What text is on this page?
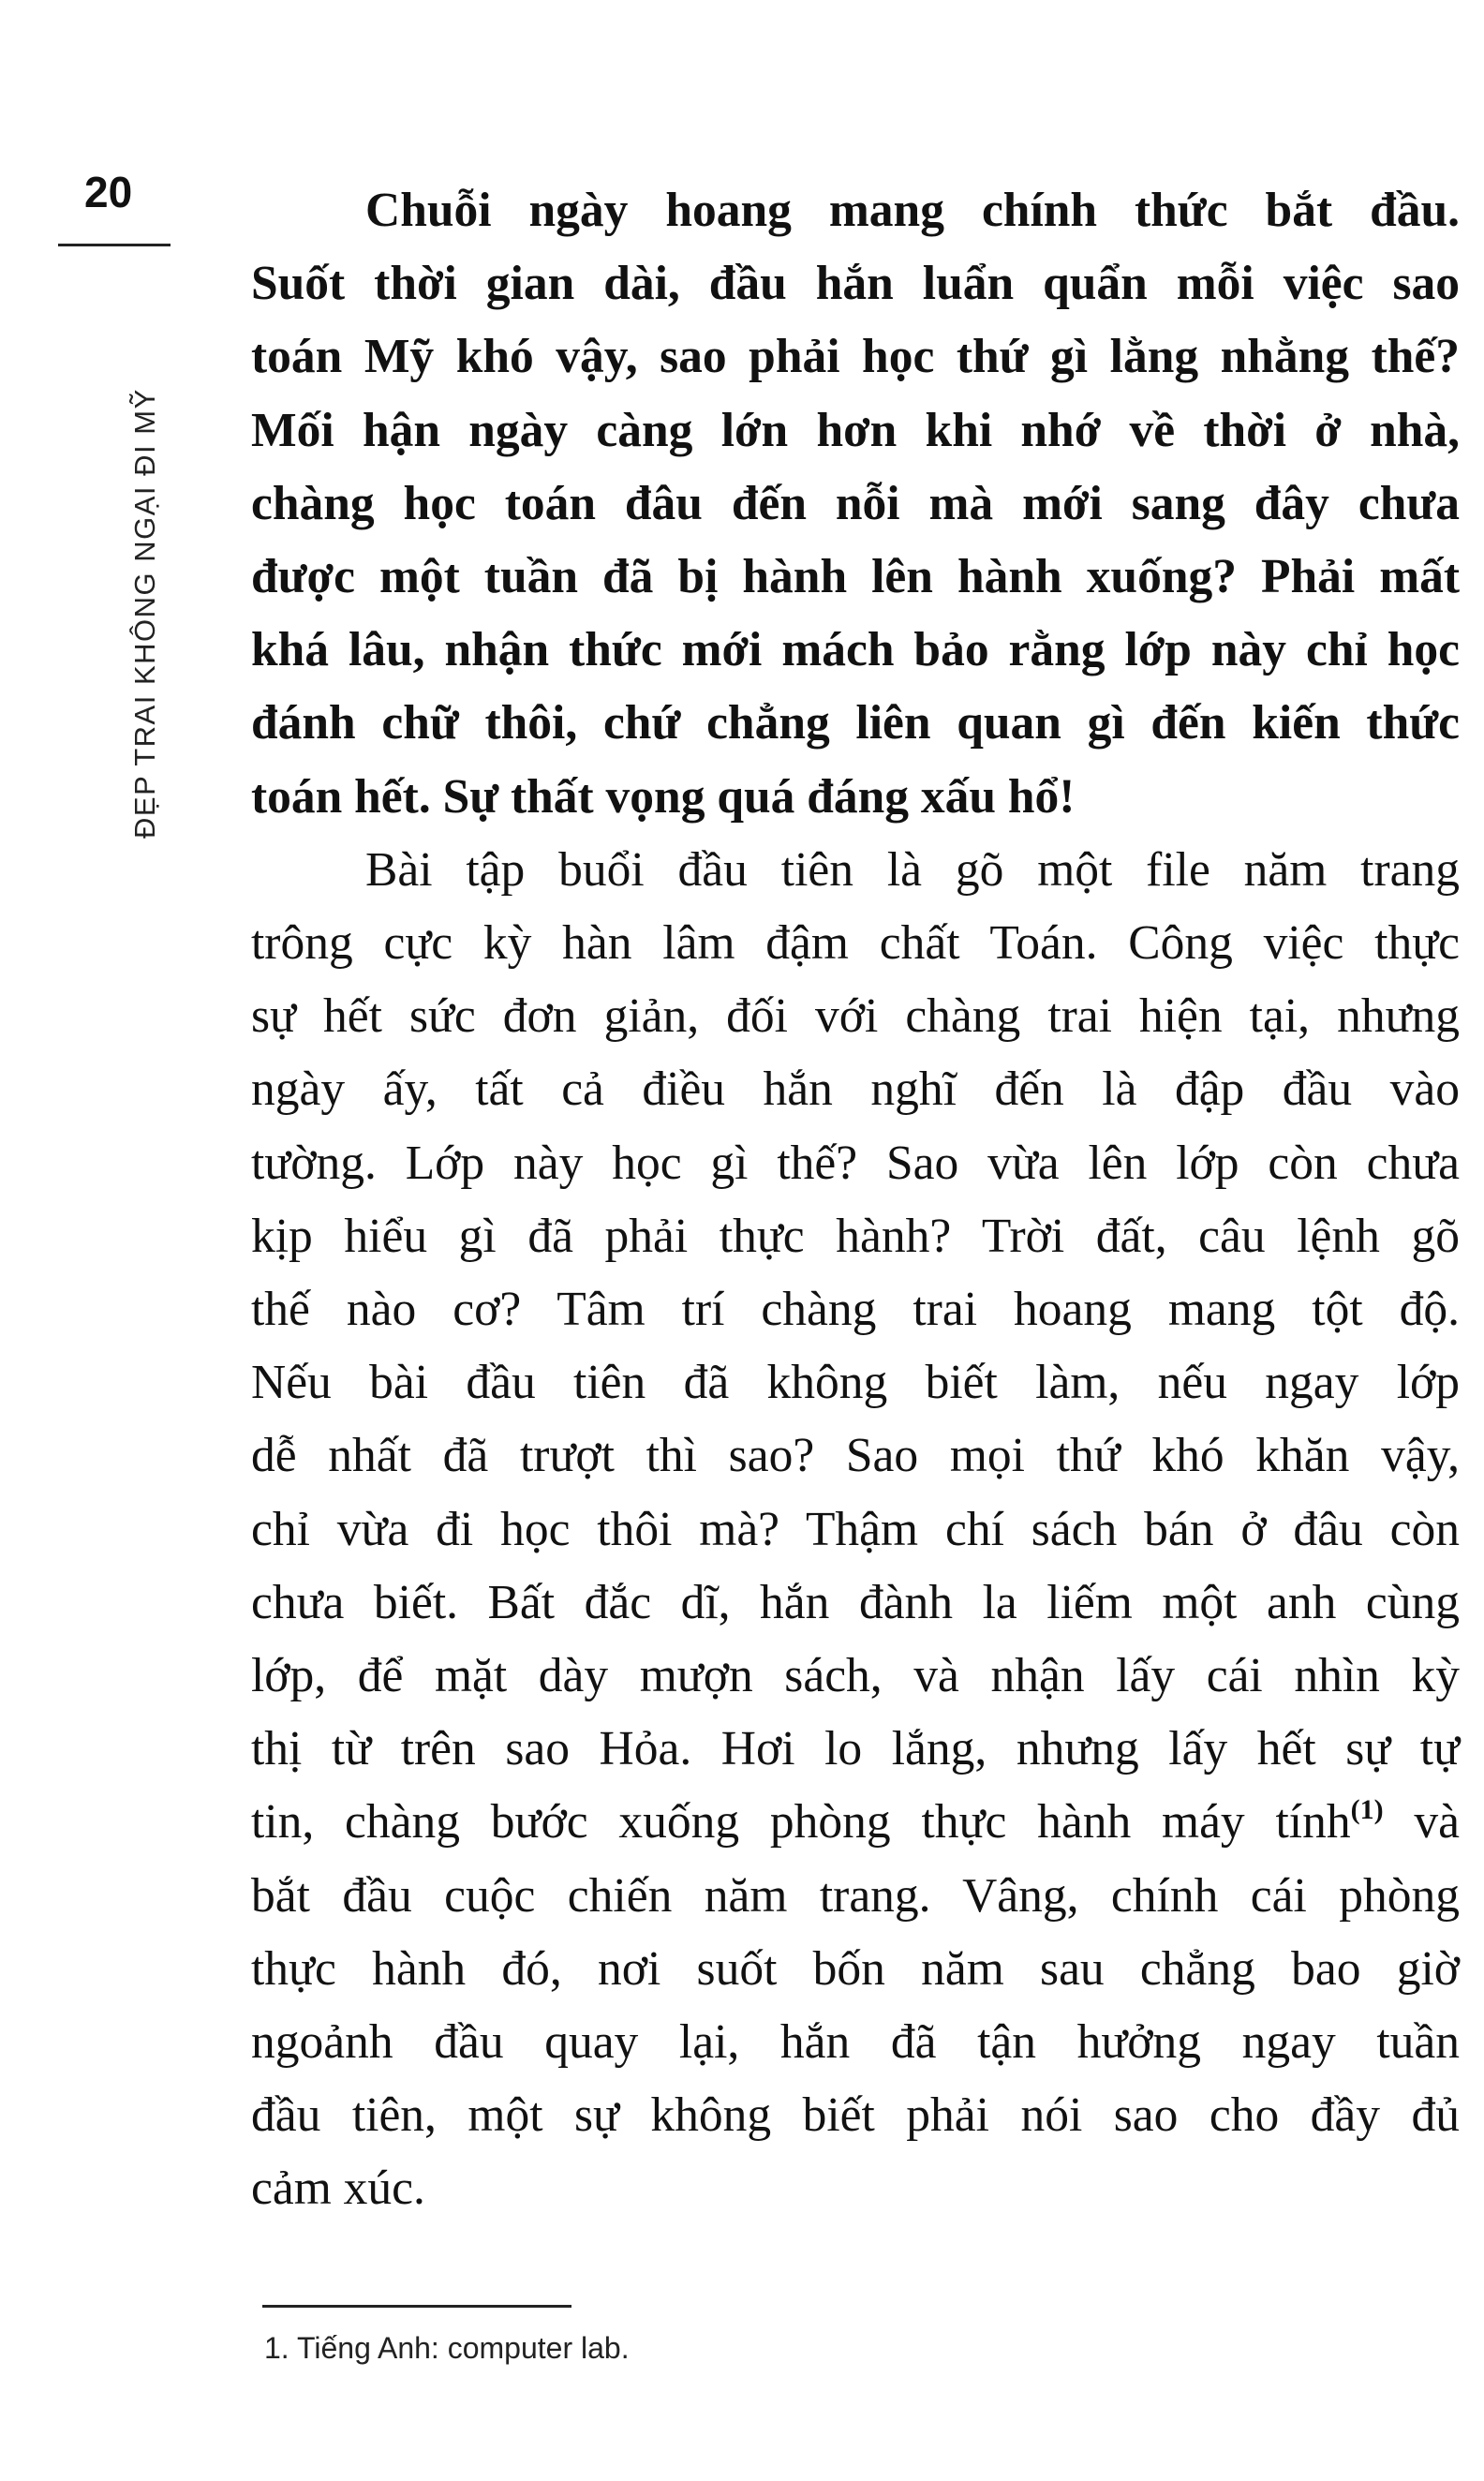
20
ĐẸP TRAI KHÔNG NGẠI ĐI MỸ

Chuỗi ngày hoang mang chính thức bắt đầu.
Suốt thời gian dài, đầu hắn luẩn quẩn mỗi việc sao
toán Mỹ khó vậy, sao phải học thứ gì lằng nhằng thế?
Mối hận ngày càng lớn hơn khi nhớ về thời ở nhà,
chàng học toán đâu đến nỗi mà mới sang đây chưa
được một tuần đã bị hành lên hành xuống? Phải mất
khá lâu, nhận thức mới mách bảo rằng lớp này chỉ học
đánh chữ thôi, chứ chẳng liên quan gì đến kiến thức
toán hết. Sự thất vọng quá đáng xấu hổ!

Bài tập buổi đầu tiên là gõ một file năm trang
trông cực kỳ hàn lâm đậm chất Toán. Công việc thực
sự hết sức đơn giản, đối với chàng trai hiện tại, nhưng
ngày ấy, tất cả điều hắn nghĩ đến là đập đầu vào
tường. Lớp này học gì thế? Sao vừa lên lớp còn chưa
kịp hiểu gì đã phải thực hành? Trời đất, câu lệnh gõ
thế nào cơ? Tâm trí chàng trai hoang mang tột độ.
Nếu bài đầu tiên đã không biết làm, nếu ngay lớp
dễ nhất đã trượt thì sao? Sao mọi thứ khó khăn vậy,
chỉ vừa đi học thôi mà? Thậm chí sách bán ở đâu còn
chưa biết. Bất đắc dĩ, hắn đành la liếm một anh cùng
lớp, để mặt dày mượn sách, và nhận lấy cái nhìn kỳ
thị từ trên sao Hỏa. Hơi lo lắng, nhưng lấy hết sự tự
tin, chàng bước xuống phòng thực hành máy tính$^{(1)}$ và
bắt đầu cuộc chiến năm trang. Vâng, chính cái phòng
thực hành đó, nơi suốt bốn năm sau chẳng bao giờ
ngoảnh đầu quay lại, hắn đã tận hưởng ngay tuần
đầu tiên, một sự không biết phải nói sao cho đầy đủ
cảm xúc.

1. Tiếng Anh: computer lab.
